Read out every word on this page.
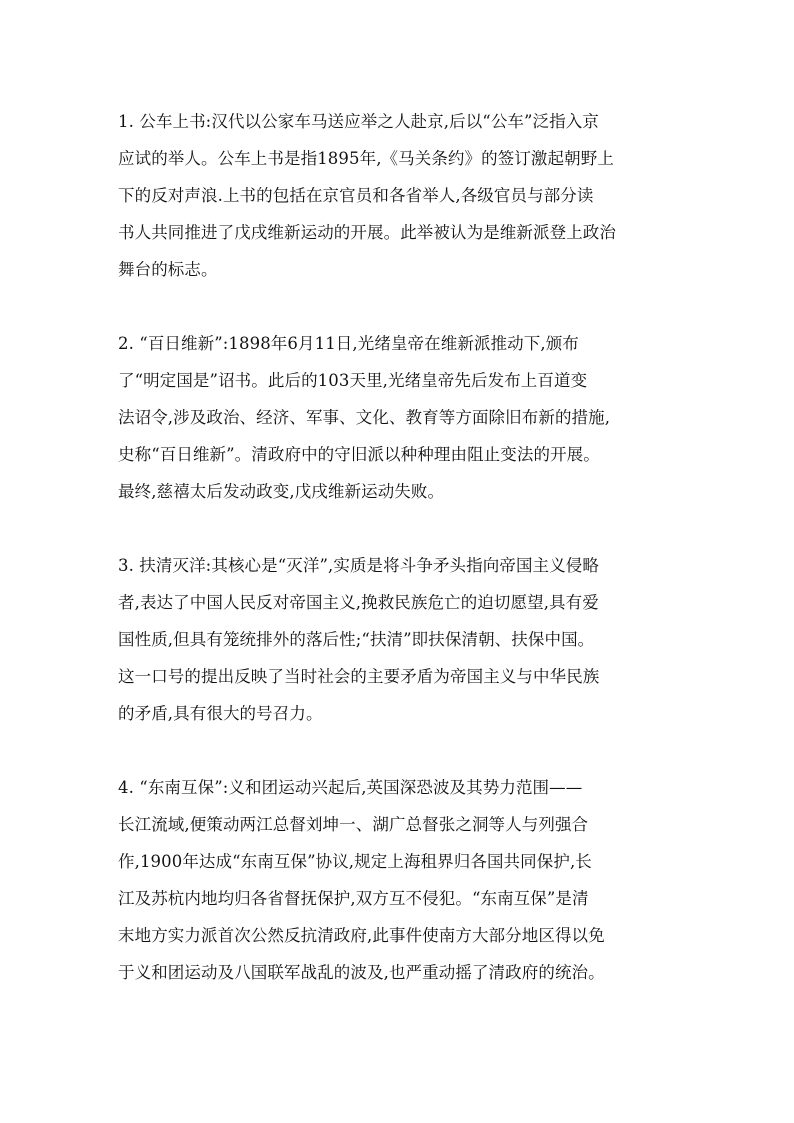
1. 公车上书:汉代以公家车马送应举之人赴京,后以“公车”泛指入京
应试的举人。公车上书是指1895年,《马关条约》的签订激起朝野上
下的反对声浪.上书的包括在京官员和各省举人,各级官员与部分读
书人共同推进了戊戌维新运动的开展。此举被认为是维新派登上政治
舞台的标志。
2. “百日维新”:1898年6月11日,光绪皇帝在维新派推动下,颁布
了“明定国是”诏书。此后的103天里,光绪皇帝先后发布上百道变
法诏令,涉及政治、经济、军事、文化、教育等方面除旧布新的措施,
史称“百日维新”。清政府中的守旧派以种种理由阻止变法的开展。
最终,慈禧太后发动政变,戊戌维新运动失败。
3. 扶清灭洋:其核心是“灭洋”,实质是将斗争矛头指向帝国主义侵略
者,表达了中国人民反对帝国主义,挽救民族危亡的迫切愿望,具有爱
国性质,但具有笼统排外的落后性;“扶清”即扶保清朝、扶保中国。
这一口号的提出反映了当时社会的主要矛盾为帝国主义与中华民族
的矛盾,具有很大的号召力。
4. “东南互保”:义和团运动兴起后,英国深恐波及其势力范围——
长江流域,便策动两江总督刘坤一、湖广总督张之洞等人与列强合
作,1900年达成“东南互保”协议,规定上海租界归各国共同保护,长
江及苏杭内地均归各省督抚保护,双方互不侵犯。“东南互保”是清
末地方实力派首次公然反抗清政府,此事件使南方大部分地区得以免
于义和团运动及八国联军战乱的波及,也严重动摇了清政府的统治。
